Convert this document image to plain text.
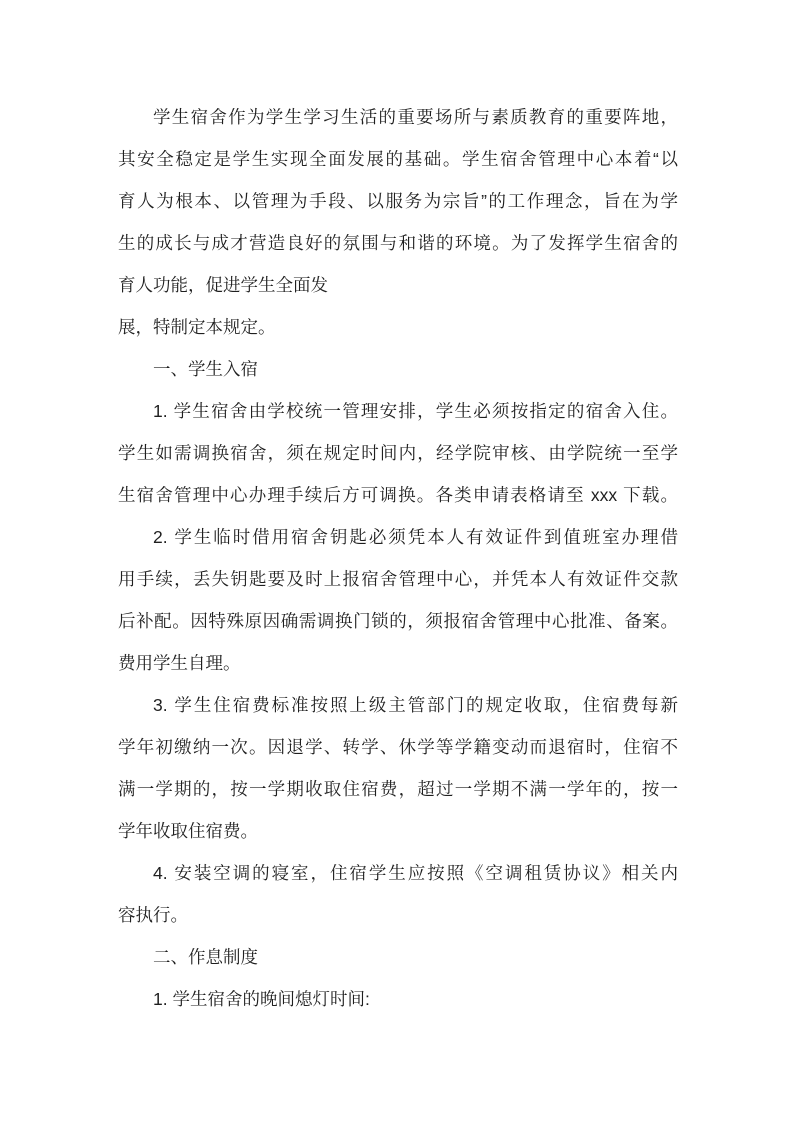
学生宿舍作为学生学习生活的重要场所与素质教育的重要阵地，
其安全稳定是学生实现全面发展的基础。学生宿舍管理中心本着“以
育人为根本、以管理为手段、以服务为宗旨”的工作理念，旨在为学
生的成长与成才营造良好的氛围与和谐的环境。为了发挥学生宿舍的
育人功能，促进学生全面发
展，特制定本规定。
一、学生入宿
1. 学生宿舍由学校统一管理安排，学生必须按指定的宿舍入住。
学生如需调换宿舍，须在规定时间内，经学院审核、由学院统一至学
生宿舍管理中心办理手续后方可调换。各类申请表格请至 xxx 下载。
2. 学生临时借用宿舍钥匙必须凭本人有效证件到值班室办理借
用手续，丢失钥匙要及时上报宿舍管理中心，并凭本人有效证件交款
后补配。因特殊原因确需调换门锁的，须报宿舍管理中心批准、备案。
费用学生自理。
3. 学生住宿费标准按照上级主管部门的规定收取，住宿费每新
学年初缴纳一次。因退学、转学、休学等学籍变动而退宿时，住宿不
满一学期的，按一学期收取住宿费，超过一学期不满一学年的，按一
学年收取住宿费。
4. 安装空调的寝室，住宿学生应按照《空调租赁协议》相关内
容执行。
二、作息制度
1. 学生宿舍的晚间熄灯时间:
